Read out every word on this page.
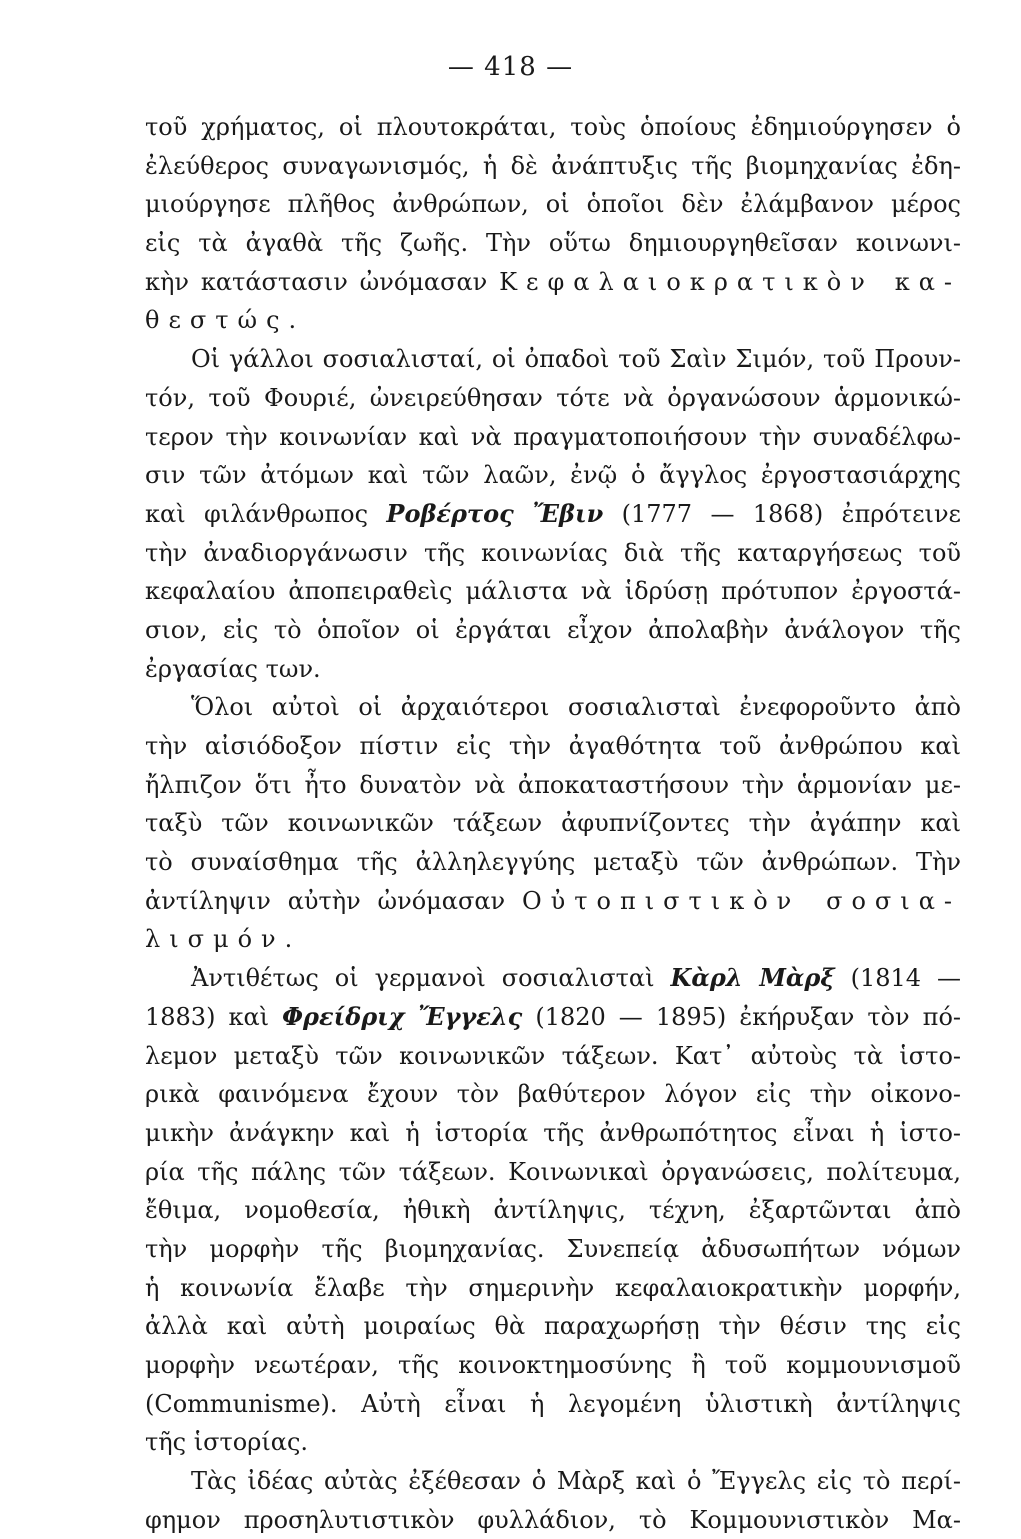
— 418 —
τοῦ χρήματος, οἱ πλουτοκράται, τοὺς ὁποίους ἐδημιούργησεν ὁ
ἐλεύθερος συναγωνισμός, ἡ δὲ ἀνάπτυξις τῆς βιομηχανίας ἐδη-
μιούργησε πλῆθος ἀνθρώπων, οἱ ὁποῖοι δὲν ἐλάμβανον μέρος
εἰς τὰ ἀγαθὰ τῆς ζωῆς. Τὴν οὕτω δημιουργηθεῖσαν κοινωνι-
κὴν κατάστασιν ὠνόμασαν Κεφαλαιοκρατικὸν κα-
θεστώς.
Οἱ γάλλοι σοσιαλισταί, οἱ ὀπαδοὶ τοῦ Σαὶν Σιμόν, τοῦ Προυν-
τόν, τοῦ Φουριέ, ὠνειρεύθησαν τότε νὰ ὀργανώσουν ἁρμονικώ-
τερον τὴν κοινωνίαν καὶ νὰ πραγματοποιήσουν τὴν συναδέλφω-
σιν τῶν ἀτόμων καὶ τῶν λαῶν, ἐνῷ ὁ ἄγγλος ἐργοστασιάρχης
καὶ φιλάνθρωπος Ροβέρτος Ἔβιν (1777 — 1868) ἐπρότεινε
τὴν ἀναδιοργάνωσιν τῆς κοινωνίας διὰ τῆς καταργήσεως τοῦ
κεφαλαίου ἀποπειραθεὶς μάλιστα νὰ ἱδρύσῃ πρότυπον ἐργοστά-
σιον, εἰς τὸ ὁποῖον οἱ ἐργάται εἶχον ἀπολαβὴν ἀνάλογον τῆς
ἐργασίας των.
Ὅλοι αὐτοὶ οἱ ἀρχαιότεροι σοσιαλισταὶ ἐνεφοροῦντο ἀπὸ
τὴν αἰσιόδοξον πίστιν εἰς τὴν ἀγαθότητα τοῦ ἀνθρώπου καὶ
ἤλπιζον ὅτι ἦτο δυνατὸν νὰ ἀποκαταστήσουν τὴν ἁρμονίαν με-
ταξὺ τῶν κοινωνικῶν τάξεων ἀφυπνίζοντες τὴν ἀγάπην καὶ
τὸ συναίσθημα τῆς ἀλληλεγγύης μεταξὺ τῶν ἀνθρώπων. Τὴν
ἀντίληψιν αὐτὴν ὠνόμασαν Οὐτοπιστικὸν σοσια-
λισμόν.
Ἀντιθέτως οἱ γερμανοὶ σοσιαλισταὶ Κὰρλ Μὰρξ (1814 —
1883) καὶ Φρείδριχ Ἔγγελς (1820 — 1895) ἐκήρυξαν τὸν πό-
λεμον μεταξὺ τῶν κοινωνικῶν τάξεων. Κατ᾽ αὐτοὺς τὰ ἱστο-
ρικὰ φαινόμενα ἔχουν τὸν βαθύτερον λόγον εἰς τὴν οἰκονο-
μικὴν ἀνάγκην καὶ ἡ ἱστορία τῆς ἀνθρωπότητος εἶναι ἡ ἱστο-
ρία τῆς πάλης τῶν τάξεων. Κοινωνικαὶ ὀργανώσεις, πολίτευμα,
ἔθιμα, νομοθεσία, ἠθικὴ ἀντίληψις, τέχνη, ἐξαρτῶνται ἀπὸ
τὴν μορφὴν τῆς βιομηχανίας. Συνεπείᾳ ἀδυσωπήτων νόμων
ἡ κοινωνία ἔλαβε τὴν σημερινὴν κεφαλαιοκρατικὴν μορφήν,
ἀλλὰ καὶ αὐτὴ μοιραίως θὰ παραχωρήσῃ τὴν θέσιν της εἰς
μορφὴν νεωτέραν, τῆς κοινοκτημοσύνης ἢ τοῦ κομμουνισμοῦ
(Communisme). Αὐτὴ εἶναι ἡ λεγομένη ὑλιστικὴ ἀντίληψις
τῆς ἱστορίας.
Τὰς ἰδέας αὐτὰς ἐξέθεσαν ὁ Μὰρξ καὶ ὁ Ἔγγελς εἰς τὸ περί-
φημον προσηλυτιστικὸν φυλλάδιον, τὸ Κομμουνιστικὸν Μα-
